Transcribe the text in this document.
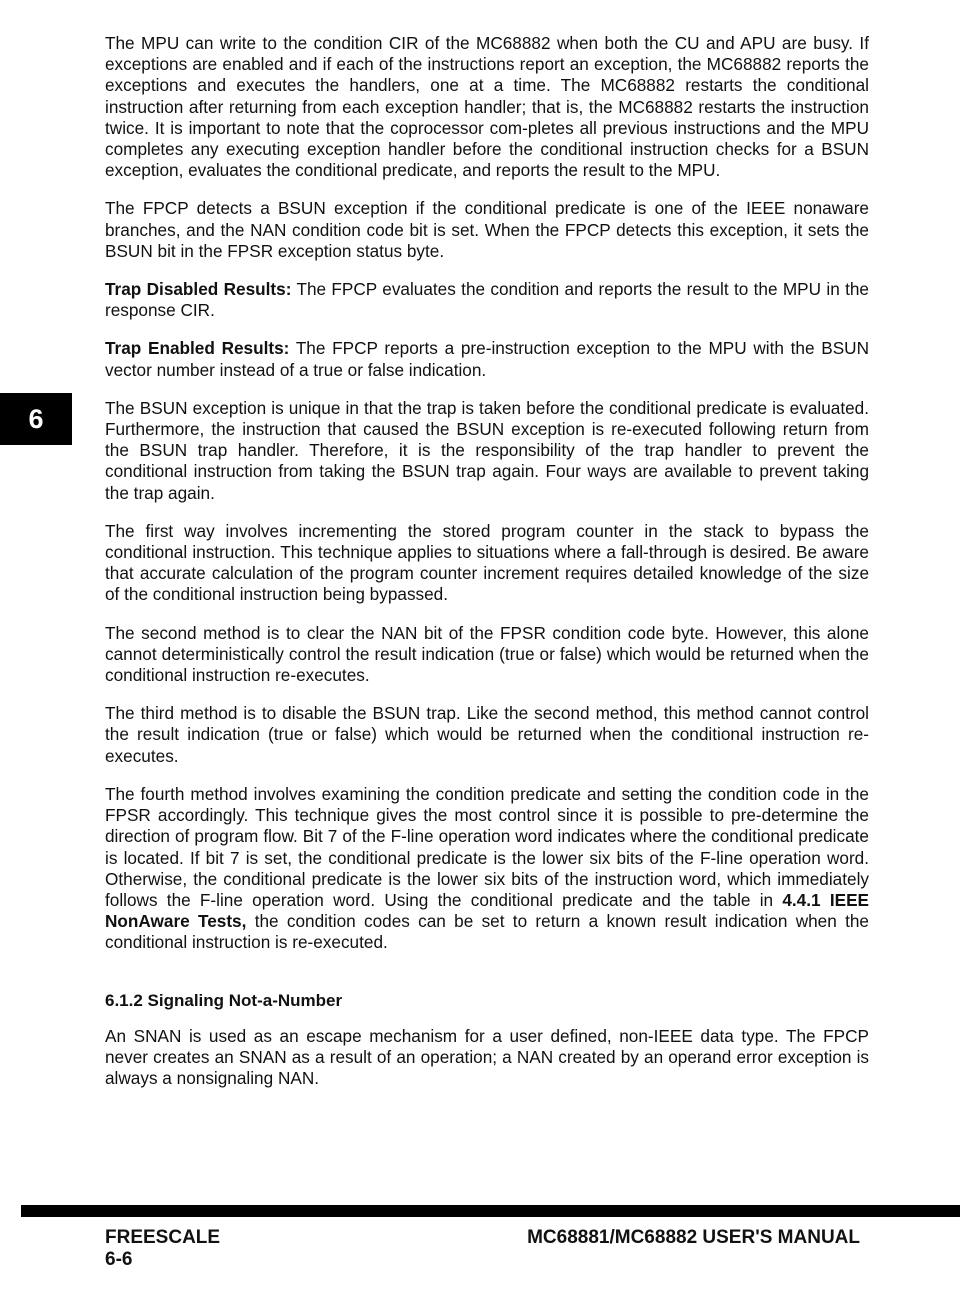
6

The MPU can write to the condition CIR of the MC68882 when both the CU and APU are busy. If exceptions are enabled and if each of the instructions report an exception, the MC68882 reports the exceptions and executes the handlers, one at a time. The MC68882 restarts the conditional instruction after returning from each exception handler; that is, the MC68882 restarts the instruction twice. It is important to note that the coprocessor com-pletes all previous instructions and the MPU completes any executing exception handler before the conditional instruction checks for a BSUN exception, evaluates the conditional predicate, and reports the result to the MPU.

The FPCP detects a BSUN exception if the conditional predicate is one of the IEEE nonaware branches, and the NAN condition code bit is set. When the FPCP detects this exception, it sets the BSUN bit in the FPSR exception status byte.

Trap Disabled Results: The FPCP evaluates the condition and reports the result to the MPU in the response CIR.

Trap Enabled Results: The FPCP reports a pre-instruction exception to the MPU with the BSUN vector number instead of a true or false indication.

The BSUN exception is unique in that the trap is taken before the conditional predicate is evaluated. Furthermore, the instruction that caused the BSUN exception is re-executed following return from the BSUN trap handler. Therefore, it is the responsibility of the trap handler to prevent the conditional instruction from taking the BSUN trap again. Four ways are available to prevent taking the trap again.

The first way involves incrementing the stored program counter in the stack to bypass the conditional instruction. This technique applies to situations where a fall-through is desired. Be aware that accurate calculation of the program counter increment requires detailed knowledge of the size of the conditional instruction being bypassed.

The second method is to clear the NAN bit of the FPSR condition code byte. However, this alone cannot deterministically control the result indication (true or false) which would be returned when the conditional instruction re-executes.

The third method is to disable the BSUN trap. Like the second method, this method cannot control the result indication (true or false) which would be returned when the conditional instruction re-executes.

The fourth method involves examining the condition predicate and setting the condition code in the FPSR accordingly. This technique gives the most control since it is possible to pre-determine the direction of program flow. Bit 7 of the F-line operation word indicates where the conditional predicate is located. If bit 7 is set, the conditional predicate is the lower six bits of the F-line operation word. Otherwise, the conditional predicate is the lower six bits of the instruction word, which immediately follows the F-line operation word. Using the conditional predicate and the table in 4.4.1 IEEE NonAware Tests, the condition codes can be set to return a known result indication when the conditional instruction is re-executed.

6.1.2 Signaling Not-a-Number

An SNAN is used as an escape mechanism for a user defined, non-IEEE data type. The FPCP never creates an SNAN as a result of an operation; a NAN created by an operand error exception is always a nonsignaling NAN.

FREESCALE
6-6
MC68881/MC68882 USER'S MANUAL
